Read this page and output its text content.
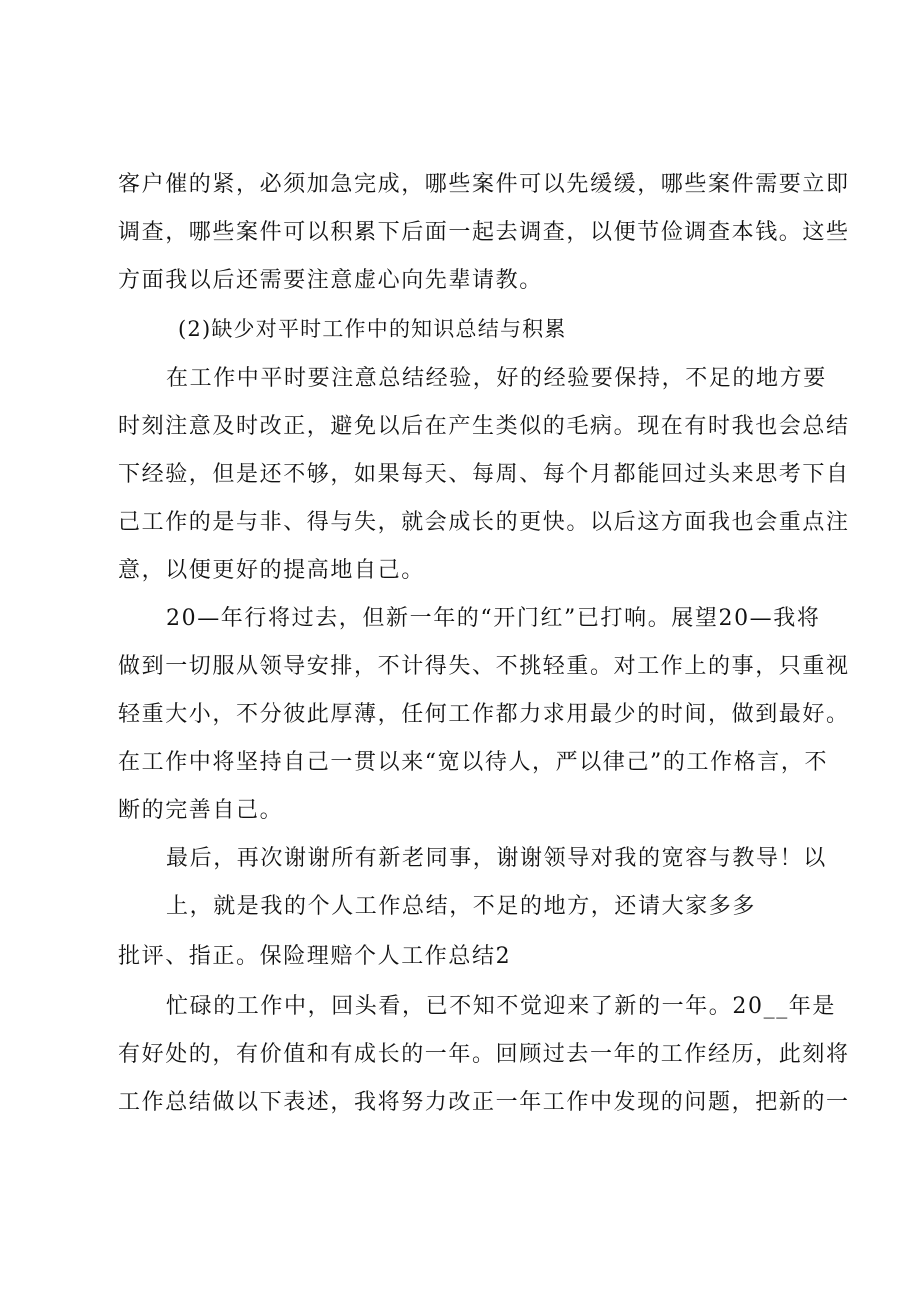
客户催的紧，必须加急完成，哪些案件可以先缓缓，哪些案件需要立即
调查，哪些案件可以积累下后面一起去调查，以便节俭调查本钱。这些
方面我以后还需要注意虚心向先辈请教。
(2)缺少对平时工作中的知识总结与积累
在工作中平时要注意总结经验，好的经验要保持，不足的地方要
时刻注意及时改正，避免以后在产生类似的毛病。现在有时我也会总结
下经验，但是还不够，如果每天、每周、每个月都能回过头来思考下自
己工作的是与非、得与失，就会成长的更快。以后这方面我也会重点注
意，以便更好的提高地自己。
20—年行将过去，但新一年的“开门红”已打响。展望20—我将
做到一切服从领导安排，不计得失、不挑轻重。对工作上的事，只重视
轻重大小，不分彼此厚薄，任何工作都力求用最少的时间，做到最好。
在工作中将坚持自己一贯以来“宽以待人，严以律己”的工作格言，不
断的完善自己。
最后，再次谢谢所有新老同事，谢谢领导对我的宽容与教导！以
上，就是我的个人工作总结，不足的地方，还请大家多多
批评、指正。保险理赔个人工作总结2
忙碌的工作中，回头看，已不知不觉迎来了新的一年。20__年是
有好处的，有价值和有成长的一年。回顾过去一年的工作经历，此刻将
工作总结做以下表述，我将努力改正一年工作中发现的问题，把新的一
